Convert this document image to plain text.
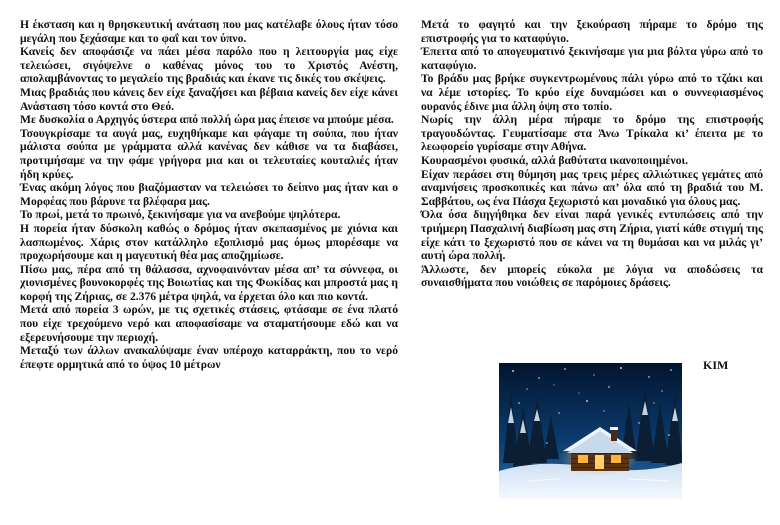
Η έκσταση και η θρησκευτική ανάταση που μας κατέλαβε όλους ήταν τόσο μεγάλη που ξεχάσαμε και το φαΐ και τον ύπνο.

Κανείς δεν αποφάσιζε να πάει μέσα παρόλο που η λειτουργία μας είχε τελειώσει, σιγόψελνε ο καθένας μόνος του το Χριστός Ανέστη, απολαμβάνοντας το μεγαλείο της βραδιάς και έκανε τις δικές του σκέψεις.

Μιας βραδιάς που κάνεις δεν είχε ξαναζήσει και βέβαια κανείς δεν είχε κάνει Ανάσταση τόσο κοντά στο Θεό.

Με δυσκολία ο Αρχηγός ύστερα από πολλή ώρα μας έπεισε να μπούμε μέσα.

Τσουγκρίσαμε τα αυγά μας, ευχηθήκαμε και φάγαμε τη σούπα, που ήταν μάλιστα σούπα με γράμματα αλλά κανένας δεν κάθισε να τα διαβάσει, προτιμήσαμε να την φάμε γρήγορα μια και οι τελευταίες κουταλιές ήταν ήδη κρύες.

Ένας ακόμη λόγος που βιαζόμασταν να τελειώσει το δείπνο μας ήταν και ο Μορφέας που βάρυνε τα βλέφαρα μας.

Το πρωί, μετά το πρωινό, ξεκινήσαμε για να ανεβούμε ψηλότερα.

Η πορεία ήταν δύσκολη καθώς ο δρόμος ήταν σκεπασμένος με χιόνια και λασπωμένος. Χάρις στον κατάλληλο εξοπλισμό μας όμως μπορέσαμε να προχωρήσουμε και η μαγευτική θέα μας αποζημίωσε.

Πίσω μας, πέρα από τη θάλασσα, αχνοφαινόνταν μέσα απ’ τα σύννεφα, οι χιονισμένες βουνοκορφές της Βοιωτίας και της Φωκίδας και μπροστά μας η κορφή της Ζήριας, σε 2.376 μέτρα ψηλά, να έρχεται όλο και πιο κοντά.

Μετά από πορεία 3 ωρών, με τις σχετικές στάσεις, φτάσαμε σε ένα πλατό που είχε τρεχούμενο νερό και αποφασίσαμε να σταματήσουμε εδώ και να εξερευνήσουμε την περιοχή.

Μεταξύ των άλλων ανακαλύψαμε έναν υπέροχο καταρράκτη, που το νερό έπεφτε ορμητικά από το ύψος 10 μέτρων

Μετά το φαγητό και την ξεκούραση πήραμε το δρόμο της επιστροφής για το καταφύγιο.

Έπειτα από το απογευματινό ξεκινήσαμε για μια βόλτα γύρω από το καταφύγιο.

Το βράδυ μας βρήκε συγκεντρωμένους πάλι γύρω από το τζάκι και να λέμε ιστορίες. Το κρύο είχε δυναμώσει και ο συννεφιασμένος ουρανός έδινε μια άλλη όψη στο τοπίο.

Νωρίς την άλλη μέρα πήραμε το δρόμο της επιστροφής τραγουδώντας. Γευματίσαμε στα Άνω Τρίκαλα κι’ έπειτα με το λεωφορείο γυρίσαμε στην Αθήνα.

Κουρασμένοι φυσικά, αλλά βαθύτατα ικανοποιημένοι.

Είχαν περάσει στη θύμηση μας τρεις μέρες αλλιώτικες γεμάτες από αναμνήσεις προσκοπικές και πάνω απ’ όλα από τη βραδιά του Μ. Σαββάτου, ως ένα Πάσχα ξεχωριστό και μοναδικό για όλους μας.

Όλα όσα διηγήθηκα δεν είναι παρά γενικές εντυπώσεις από την τριήμερη Πασχαλινή διαβίωση μας στη Ζήρια, γιατί κάθε στιγμή της είχε κάτι το ξεχωριστό που σε κάνει να τη θυμάσαι και να μιλάς γι’ αυτή ώρα πολλή.

Άλλωστε, δεν μπορείς εύκολα με λόγια να αποδώσεις τα συναισθήματα που νοιώθεις σε παρόμοιες δράσεις.

ΚΙΜ
